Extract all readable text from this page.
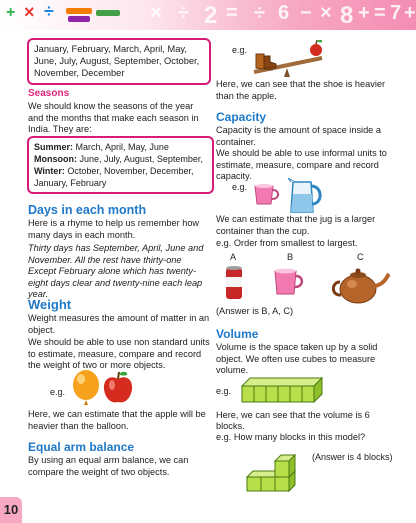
× ÷ 2 = ÷ 6 − × 8 + = 7 +
+ × ÷
January, February, March, April, May, June, July, August, September, October, November, December
Seasons
We should know the seasons of the year and the months that make each season in India. They are:
Summer: March, April, May, June
Monsoon: June, July, August, September,
Winter: October, November, December, January, February
Days in each month
Here is a rhyme to help us remember how many days in each month.
Thirty days has September, April, June and November. All the rest have thirty-one Except February alone which has twenty-eight days clear and twenty-nine each leap year.
Weight
Weight measures the amount of matter in an object.
We should be able to use non standard units to estimate, measure, compare and record the weight of two or more objects.
e.g.
Here, we can estimate that the apple will be heavier than the balloon.
Equal arm balance
By using an equal arm balance, we can compare the weight of two objects.
10
e.g.
Here, we can see that the shoe is heavier than the apple.
Capacity
Capacity is the amount of space inside a container.
We should be able to use informal units to estimate, measure, compare and record capacity.
e.g.
We can estimate that the jug is a larger container than the cup.
e.g. Order from smallest to largest.
A	B	C
(Answer is B, A, C)
Volume
Volume is the space taken up by a solid object. We often use cubes to measure volume.
e.g.
Here, we can see that the volume is 6 blocks.
e.g. How many blocks in this model?
(Answer is 4 blocks)
